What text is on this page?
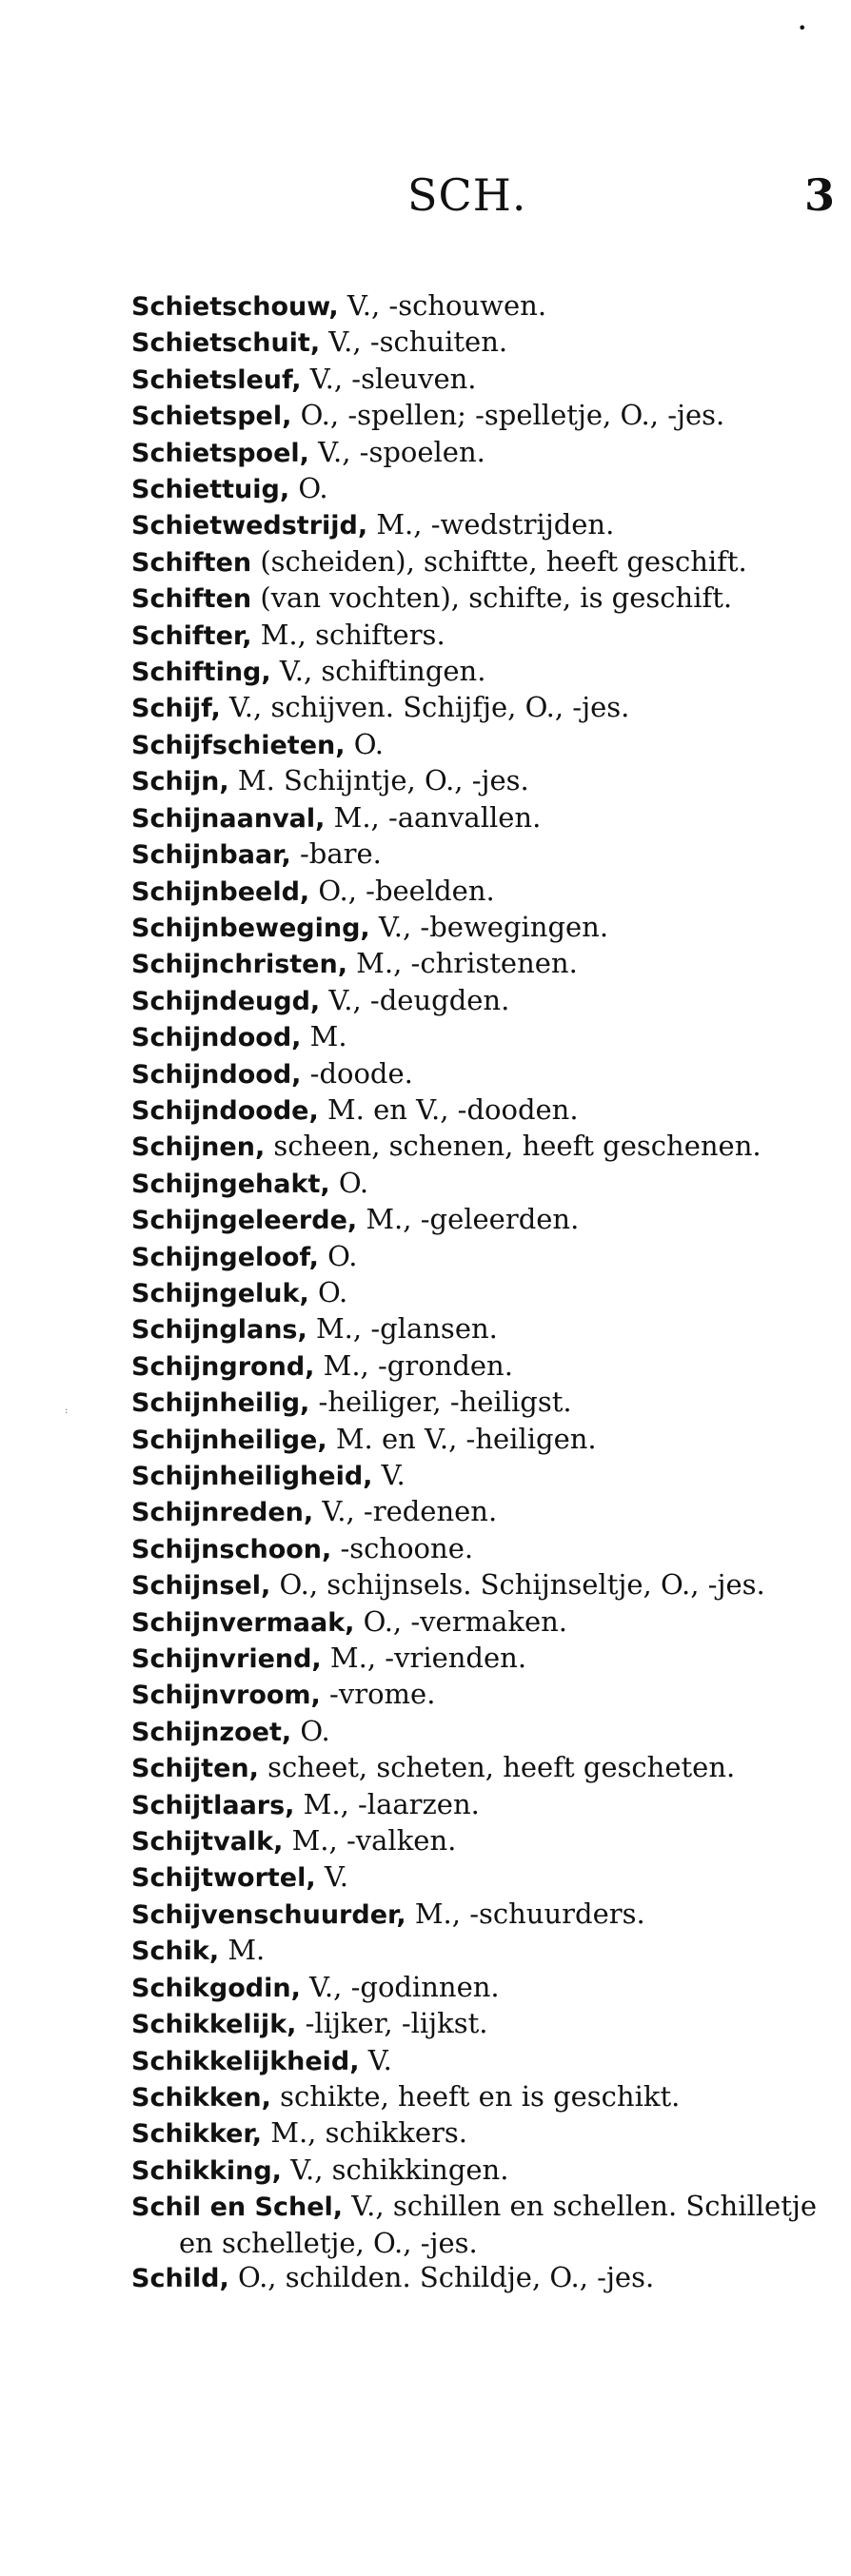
•
SCH.	3
:
Schietschouw, V., -schouwen.
Schietschuit, V., -schuiten.
Schietsleuf, V., -sleuven.
Schietspel, O., -spellen; -spelletje, O., -jes.
Schietspoel, V., -spoelen.
Schiettuig, O.
Schietwedstrijd, M., -wedstrijden.
Schiften (scheiden), schiftte, heeft geschift.
Schiften (van vochten), schifte, is geschift.
Schifter, M., schifters.
Schifting, V., schiftingen.
Schijf, V., schijven. Schijfje, O., -jes.
Schijfschieten, O.
Schijn, M. Schijntje, O., -jes.
Schijnaanval, M., -aanvallen.
Schijnbaar, -bare.
Schijnbeeld, O., -beelden.
Schijnbeweging, V., -bewegingen.
Schijnchristen, M., -christenen.
Schijndeugd, V., -deugden.
Schijndood, M.
Schijndood, -doode.
Schijndoode, M. en V., -dooden.
Schijnen, scheen, schenen, heeft geschenen.
Schijngehakt, O.
Schijngeleerde, M., -geleerden.
Schijngeloof, O.
Schijngeluk, O.
Schijnglans, M., -glansen.
Schijngrond, M., -gronden.
Schijnheilig, -heiliger, -heiligst.
Schijnheilige, M. en V., -heiligen.
Schijnheiligheid, V.
Schijnreden, V., -redenen.
Schijnschoon, -schoone.
Schijnsel, O., schijnsels. Schijnseltje, O., -jes.
Schijnvermaak, O., -vermaken.
Schijnvriend, M., -vrienden.
Schijnvroom, -vrome.
Schijnzoet, O.
Schijten, scheet, scheten, heeft gescheten.
Schijtlaars, M., -laarzen.
Schijtvalk, M., -valken.
Schijtwortel, V.
Schijvenschuurder, M., -schuurders.
Schik, M.
Schikgodin, V., -godinnen.
Schikkelijk, -lijker, -lijkst.
Schikkelijkheid, V.
Schikken, schikte, heeft en is geschikt.
Schikker, M., schikkers.
Schikking, V., schikkingen.
Schil en Schel, V., schillen en schellen. Schilletje en schelletje, O., -jes.
Schild, O., schilden. Schildje, O., -jes.
